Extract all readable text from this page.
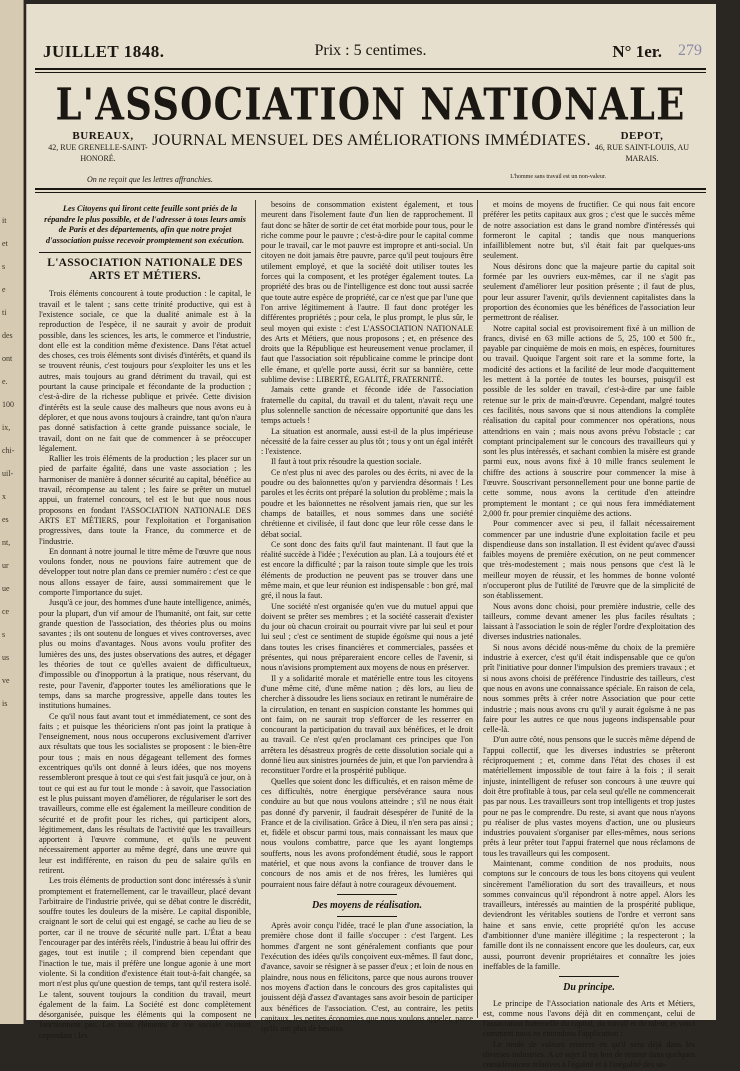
it
et
s
e
ti
des
ont
e.
100
ix,
chi-
uil-
x
es
nt,
ur
ue
ce
s
us
ve
is
JUILLET 1848.	Prix : 5 centimes.	N° 1er. 279
L'ASSOCIATION NATIONALE
BUREAUX,
42, RUE GRENELLE-SAINT-HONORÉ.
JOURNAL MENSUEL DES AMÉLIORATIONS IMMÉDIATES.	DEPOT,
46, RUE SAINT-LOUIS, AU MARAIS.
On ne reçoit que les lettres affranchies.	L'homme sans travail est un non-valeur.

Les Citoyens qui liront cette feuille sont priés de la répandre le plus possible, et de l'adresser à tous leurs amis de Paris et des départements, afin que notre projet d'association puisse recevoir promptement son exécution.

L'ASSOCIATION NATIONALE DES ARTS ET MÉTIERS.

Trois éléments concourent à toute production : le capital, le travail et le talent ; sans cette trinité productive, qui est à l'existence sociale, ce que la dualité animale est à la reproduction de l'espèce, il ne saurait y avoir de produit possible, dans les sciences, les arts, le commerce et l'industrie, dont elle est la condition même d'existence. Dans l'état actuel des choses, ces trois éléments sont divisés d'intérêts, et quand ils se trouvent réunis, c'est toujours pour s'exploiter les uns et les autres, mais toujours au grand détriment du travail, qui est pourtant la cause principale et fécondante de la production ; c'est-à-dire de la richesse publique et privée. Cette division d'intérêts est la seule cause des malheurs que nous avons eu à déplorer, et que nous avons toujours à craindre, tant qu'on n'aura pas donné satisfaction à cette grande puissance sociale, le travail, dont on ne fait que de commencer à se préoccuper légalement.

Rallier les trois éléments de la production ; les placer sur un pied de parfaite égalité, dans une vaste association ; les harmoniser de manière à donner sécurité au capital, bénéfice au travail, récompense au talent ; les faire se prêter un mutuel appui, un fraternel concours, tel est le but que nous nous proposons en fondant l'ASSOCIATION NATIONALE DES ARTS ET MÉTIERS, pour l'exploitation et l'organisation progressives, dans toute la France, du commerce et de l'industrie.

En donnant à notre journal le titre même de l'œuvre que nous voulons fonder, nous ne pouvions faire autrement que de développer tout notre plan dans ce premier numéro : c'est ce que nous allons essayer de faire, aussi sommairement que le comporte l'importance du sujet.

Jusqu'à ce jour, des hommes d'une haute intelligence, animés, pour la plupart, d'un vif amour de l'humanité, ont fait, sur cette grande question de l'association, des théories plus ou moins savantes ; ils ont soutenu de longues et vives controverses, avec plus ou moins d'avantages. Nous avons voulu profiter des lumières des uns, des justes observations des autres, et dégager les théories de tout ce qu'elles avaient de difficultueux, d'impossible ou d'inopportun à la pratique, nous réservant, du reste, pour l'avenir, d'apporter toutes les améliorations que le temps, dans sa marche progressive, appelle dans toutes les institutions humaines.

Ce qu'il nous faut avant tout et immédiatement, ce sont des faits ; et puisque les théoriciens n'ont pas joint la pratique à l'enseignement, nous nous occuperons exclusivement d'arriver aux résultats que tous les socialistes se proposent : le bien-être pour tous ; mais en nous dégageant tellement des formes excentriques qu'ils ont donné à leurs idées, que nos moyens ressembleront presque à tout ce qui s'est fait jusqu'à ce jour, on à tout ce qui est au fur tout le monde : à savoir, que l'association est le plus puissant moyen d'améliorer, de régulariser le sort des travailleurs, comme elle est également la meilleure condition de sécurité et de profit pour les riches, qui participent alors, légitimement, dans les résultats de l'activité que les travailleurs apportent à l'œuvre commune, et qu'ils ne peuvent nécessairement apporter au même degré, dans une œuvre qui leur est indifférente, en raison du peu de salaire qu'ils en retirent.

Les trois éléments de production sont donc intéressés à s'unir promptement et fraternellement, car le travailleur, placé devant l'arbitraire de l'industrie privée, qui se débat contre le discrédit, souffre toutes les douleurs de la misère. Le capital disponible, craignant le sort de celui qui est engagé, se cache au lieu de se porter, car il ne trouve de sécurité nulle part. L'État a beau l'encourager par des intérêts réels, l'industrie à beau lui offrir des gages, tout est inutile ; il comprend bien cependant que l'inaction le tue, mais il préfère une longue agonie à une mort violente. Si la condition d'existence était tout-à-fait changée, sa mort n'est plus qu'une question de temps, tant qu'il restera isolé. Le talent, souvent toujours la condition du travail, meurt également de la faim. La Société est donc complètement désorganisée, puisque les éléments qui la composent ne fonctionnent pas. Les trois éléments de vie sociale existent cependant : les

besoins de consommation existent également, et tous meurent dans l'isolement faute d'un lien de rapprochement. Il faut donc se hâter de sortir de cet état morbide pour tous, pour le riche comme pour le pauvre ; c'est-à-dire pour le capital comme pour le travail, car le mot pauvre est impropre et anti-social. Un citoyen ne doit jamais être pauvre, parce qu'il peut toujours être utilement employé, et que la société doit utiliser toutes les forces qui la composent, et les protéger également toutes. La propriété des bras ou de l'intelligence est donc tout aussi sacrée que toute autre espèce de propriété, car ce n'est que par l'une que l'on arrive légitimement à l'autre. Il faut donc protéger les différentes propriétés ; pour cela, le plus prompt, le plus sûr, le seul moyen qui existe : c'est L'ASSOCIATION NATIONALE des Arts et Métiers, que nous proposons ; et, en présence des droits que la République est heureusement venue proclamer, il faut que l'association soit républicaine comme le principe dont elle émane, et qu'elle porte aussi, écrit sur sa bannière, cette sublime devise : LIBERTÉ, EGALITÉ, FRATERNITÉ.

Jamais cette grande et féconde idée de l'association fraternelle du capital, du travail et du talent, n'avait reçu une plus solennelle sanction de nécessaire opportunité que dans les temps actuels !

La situation est anormale, aussi est-il de la plus impérieuse nécessité de la faire cesser au plus tôt ; tous y ont un égal intérêt : l'existence.

Il faut à tout prix résoudre la question sociale.

Ce n'est plus ni avec des paroles ou des écrits, ni avec de la poudre ou des baïonnettes qu'on y parviendra désormais ! Les paroles et les écrits ont préparé la solution du problème ; mais la poudre et les baïonnettes ne résolvent jamais rien, que sur les champs de batailles, et nous sommes dans une société chrétienne et civilisée, il faut donc que leur rôle cesse dans le débat social.

Ce sont donc des faits qu'il faut maintenant. Il faut que la réalité succède à l'idée ; l'exécution au plan. Là a toujours été et est encore la difficulté ; par la raison toute simple que les trois éléments de production ne peuvent pas se trouver dans une même main, et que leur réunion est indispensable : bon gré, mal gré, il nous la faut.

Une société n'est organisée qu'en vue du mutuel appui que doivent se prêter ses membres ; et la société casserait d'exister du jour où chacun croirait ou pourrait vivre par lui seul et pour lui seul ; c'est ce sentiment de stupide égoïsme qui nous a jeté dans toutes les crises financières et commerciales, passées et présentes, qui nous prépareraient encore celles de l'avenir, si nous n'avisions promptement aux moyens de nous en préserver.

Il y a solidarité morale et matérielle entre tous les citoyens d'une même cité, d'une même nation ; dès lors, au lieu de chercher à dissoudre les liens sociaux en retirant le numéraire de la circulation, en tenant en suspicion constante les hommes qui ont faim, on ne saurait trop s'efforcer de les resserrer en concourant la participation du travail aux bénéfices, et le droit au travail. Ce n'est qu'en proclamant ces principes que l'on arrêtera les désastreux progrès de cette dissolution sociale qui a donné lieu aux sinistres journées de juin, et que l'on parviendra à reconstituer l'ordre et la prospérité publique.

Quelles que soient donc les difficultés, et en raison même de ces difficultés, notre énergique persévérance saura nous conduire au but que nous voulons atteindre ; s'il ne nous était pas donné d'y parvenir, il faudrait désespérer de l'unité de la France et de la civilisation. Grâce à Dieu, il n'en sera pas ainsi ; et, fidèle et obscur parmi tous, mais connaissant les maux que nous voulons combattre, parce que les ayant longtemps soufferts, nous les avons profondément étudié, sous le rapport matériel, et que nous avons la confiance de trouver dans le concours de nos amis et de nos frères, les lumières qui pourraient nous faire défaut à notre courageux dévouement.

Des moyens de réalisation.

Après avoir conçu l'idée, tracé le plan d'une association, la première chose dont il faille s'occuper : c'est l'argent. Les hommes d'argent ne sont généralement confiants que pour l'exécution des idées qu'ils conçoivent eux-mêmes. Il faut donc, d'avance, savoir se résigner à se passer d'eux ; et loin de nous en plaindre, nous nous en félicitons, parce que nous aurons trouver nos moyens d'action dans le concours des gros capitalistes qui jouissent déjà d'assez d'avantages sans avoir besoin de participer aux bénéfices de l'association. C'est, au contraire, les petits capitaux, les petites économies que nous voulons appeler, parce qu'ils ont plus de besoins

et moins de moyens de fructifier. Ce qui nous fait encore préférer les petits capitaux aux gros ; c'est que le succès même de notre association est dans le grand nombre d'intéressés qui formeront le capital ; tandis que nous manquerions infailliblement notre but, s'il était fait par quelques-uns seulement.

Nous désirons donc que la majeure partie du capital soit formée par les ouvriers eux-mêmes, car il ne s'agit pas seulement d'améliorer leur position présente ; il faut de plus, pour leur assurer l'avenir, qu'ils deviennent capitalistes dans la proportion des économies que les bénéfices de l'association leur permettront de réaliser.

Notre capital social est provisoirement fixé à un million de francs, divisé en 63 mille actions de 5, 25, 100 et 500 fr., payable par cinquième de mois en mois, en espèces, fournitures ou travail. Quoique l'argent soit rare et la somme forte, la modicité des actions et la facilité de leur mode d'acquittement les mettent à la portée de toutes les bourses, puisqu'il est possible de les solder en travail, c'est-à-dire par une faible retenue sur le prix de main-d'œuvre. Cependant, malgré toutes ces facilités, nous savons que si nous attendions la complète réalisation du capital pour commencer nos opérations, nous attendrions en vain ; mais nous avons prévu l'obstacle ; car comptant principalement sur le concours des travailleurs qui y sont les plus intéressés, et sachant combien la misère est grande parmi eux, nous avons fixé à 10 mille francs seulement le chiffre des actions à souscrire pour commencer la mise à l'œuvre. Souscrivant personnellement pour une bonne partie de cette somme, nous avons la certitude d'en atteindre promptement le montant ; ce qui nous fera immédiatement 2,000 fr. pour premier cinquième des actions.

Pour commencer avec si peu, il fallait nécessairement commencer par une industrie d'une exploitation facile et peu dispendieuse dans son installation. Il est évident qu'avec d'aussi faibles moyens de première exécution, on ne peut commencer que très-modestement ; mais nous pensons que c'est là le meilleur moyen de réussir, et les hommes de bonne volonté n'occuperont plus de l'utilité de l'œuvre que de la simplicité de son établissement.

Nous avons donc choisi, pour première industrie, celle des tailleurs, comme devant amener les plus faciles résultats ; laissant à l'association le soin de régler l'ordre d'exploitation des diverses industries nationales.

Si nous avons décidé nous-même du choix de la première industrie à exercer, c'est qu'il était indispensable que ce qu'on prît l'initiative pour donner l'impulsion des premiers travaux ; et si nous avons choisi de préférence l'industrie des tailleurs, c'est que nous en avons une connaissance spéciale. En raison de cela, nous sommes prêts à créer notre Association que pour cette industrie ; mais nous avons cru qu'il y aurait égoïsme à ne pas faire pour les autres ce que nous jugeons indispensable pour celle-là.

D'un autre côté, nous pensons que le succès même dépend de l'appui collectif, que les diverses industries se prêteront réciproquement ; et, comme dans l'état des choses il est matériellement impossible de tout faire à la fois ; il serait injuste, inintelligent de refuser son concours à une œuvre qui doit être profitable à tous, par cela seul qu'elle ne commencerait pas par nous. Les travailleurs sont trop intelligents et trop justes pour ne pas le comprendre. Du reste, si avant que nous n'ayons pu réaliser de plus vastes moyens d'action, une ou plusieurs industries pouvaient s'organiser par elles-mêmes, nous serions prêts à leur prêter tout l'appui fraternel que nous réclamons de tous les travailleurs qui les composent.

Maintenant, comme condition de nos produits, nous comptons sur le concours de tous les bons citoyens qui veulent sincèrement l'amélioration du sort des travailleurs, et nous sommes convaincus qu'il répondront à notre appel. Alors les travailleurs, intéressés au maintien de la prospérité publique, deviendront les véritables soutiens de l'ordre et verront sans haine et sans envie, cette propriété qu'on les accuse d'ambitionner d'une manière illégitime ; la respecteront ; la famille dont ils ne connaissent encore que les douleurs, car, eux aussi, pourront devenir propriétaires et connaître les joies ineffables de la famille.

Du principe.

Le principe de l'Association nationale des Arts et Métiers, est, comme nous l'avons déjà dit en commençant, celui de l'association fraternelle du capital, du travail et du talent, et voici comment nous en entendons l'application :

Le mode de valeurs rentrera en qu'il sera déjà dans les diverses industries. A ce sujet il est bon de rentrer dans quelques considérations relatives à l'égalité et à l'inégalité des sa-
